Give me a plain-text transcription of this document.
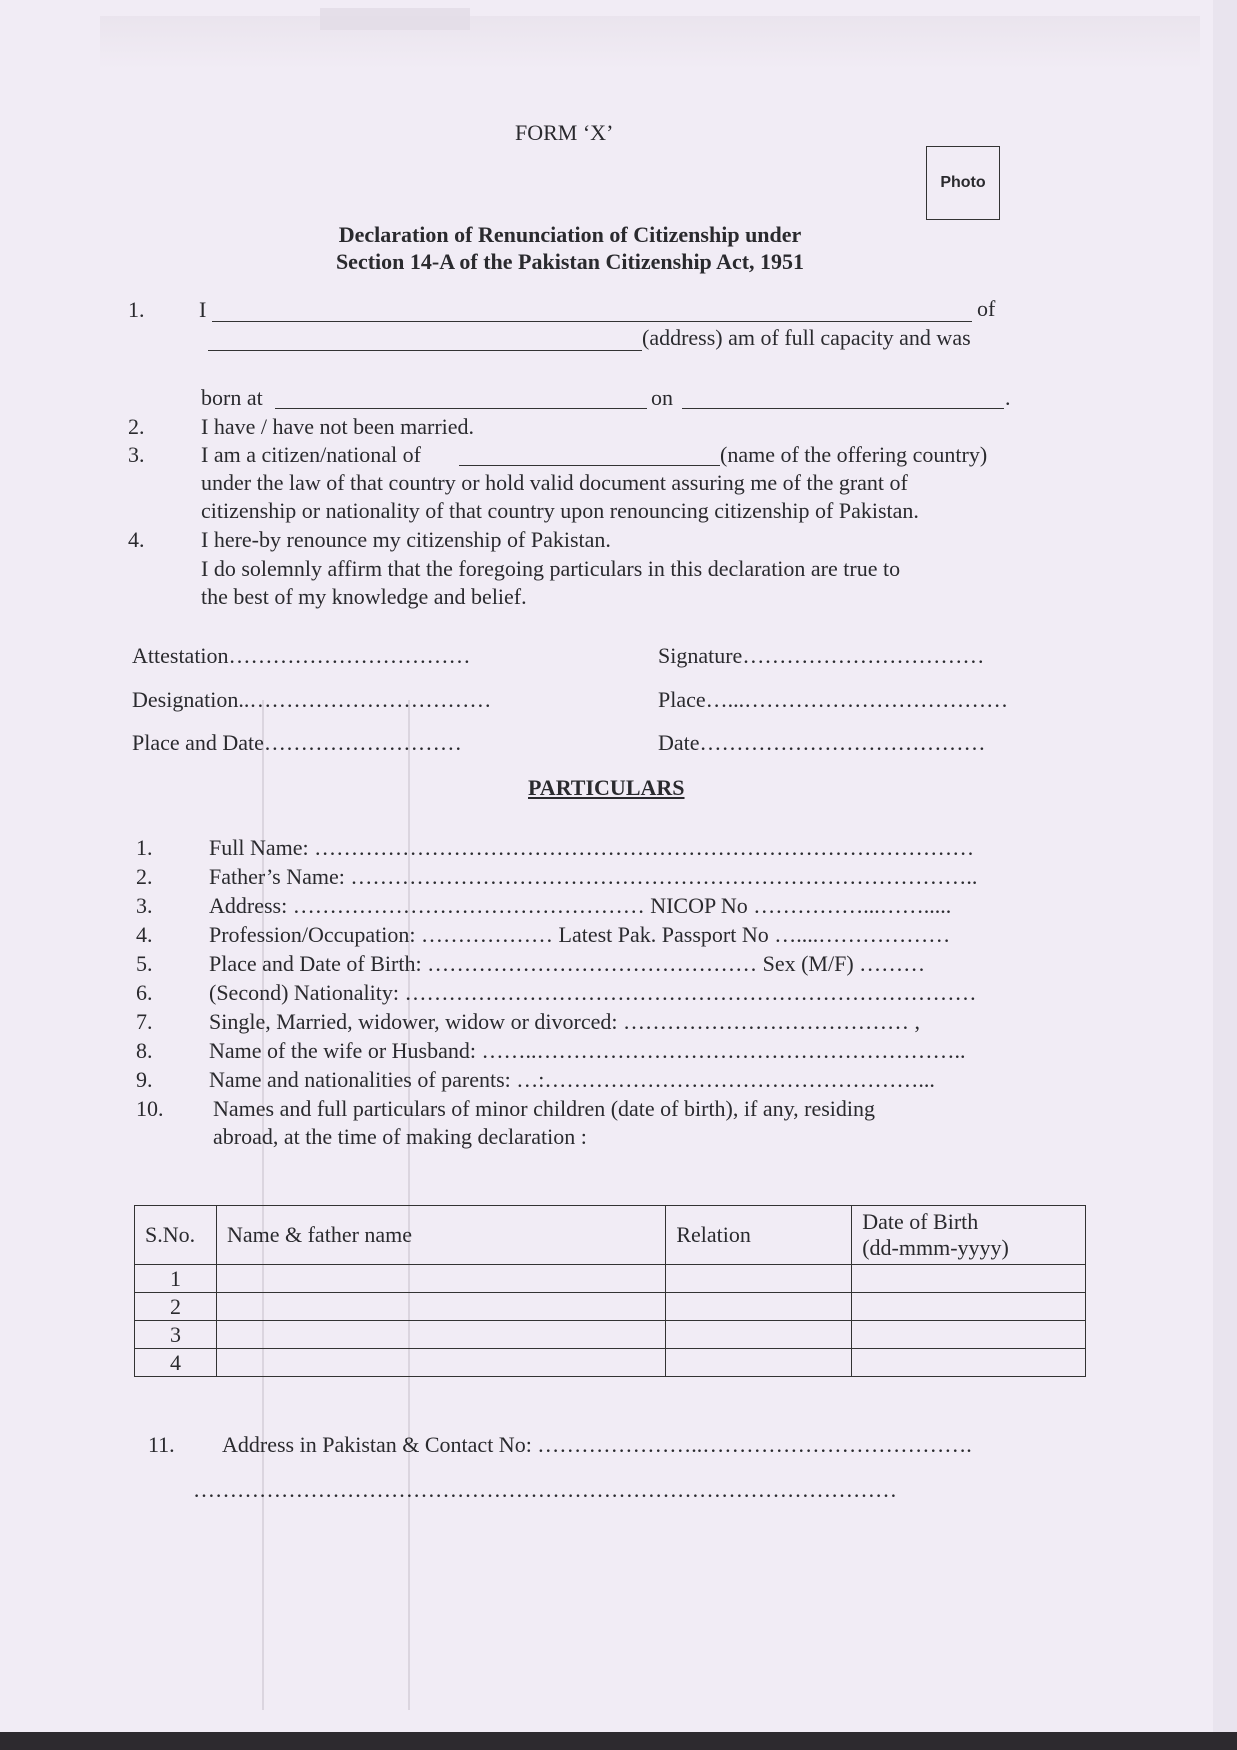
FORM ‘X’
Photo
Declaration of Renunciation of Citizenship under
Section 14-A of the Pakistan Citizenship Act, 1951
1. I	of
(address) am of full capacity and was
born at	on	.
2.	I have / have not been married.
3.	I am a citizen/national of	(name of the offering country)
under the law of that country or hold valid document assuring me of the grant of
citizenship or nationality of that country upon renouncing citizenship of Pakistan.
4.	I here-by renounce my citizenship of Pakistan.
I do solemnly affirm that the foregoing particulars in this declaration are true to
the best of my knowledge and belief.
Attestation……………………………
Designation..……………………………
Place and Date………………………
Signature……………………………
Place…...………………………………
Date…………………………………
PARTICULARS
1.	Full Name: ………………………………………………………………………………
2.	Father’s Name: …………………………………………………………………………..
3.	Address: ………………………………………… NICOP No ……………...…….....
4.	Profession/Occupation: ……………… Latest Pak. Passport No …....………………
5.	Place and Date of Birth: ……………………………………… Sex (M/F) ………
6.	(Second) Nationality: ……………………………………………………………………
7.	Single, Married, widower, widow or divorced: ………………………………… ,
8.	Name of the wife or Husband: ……..…………………………………………………..
9.	Name and nationalities of parents: …:……………………………………………...
10. Names and full particulars of minor children (date of birth), if any, residing
abroad, at the time of making declaration :
S.No.	Name & father name	Relation	Date of Birth
(dd-mmm-yyyy)
1			
2			
3			
4			
11. Address in Pakistan & Contact No: …………………..……………………………….
……………………………………………………………………………………
